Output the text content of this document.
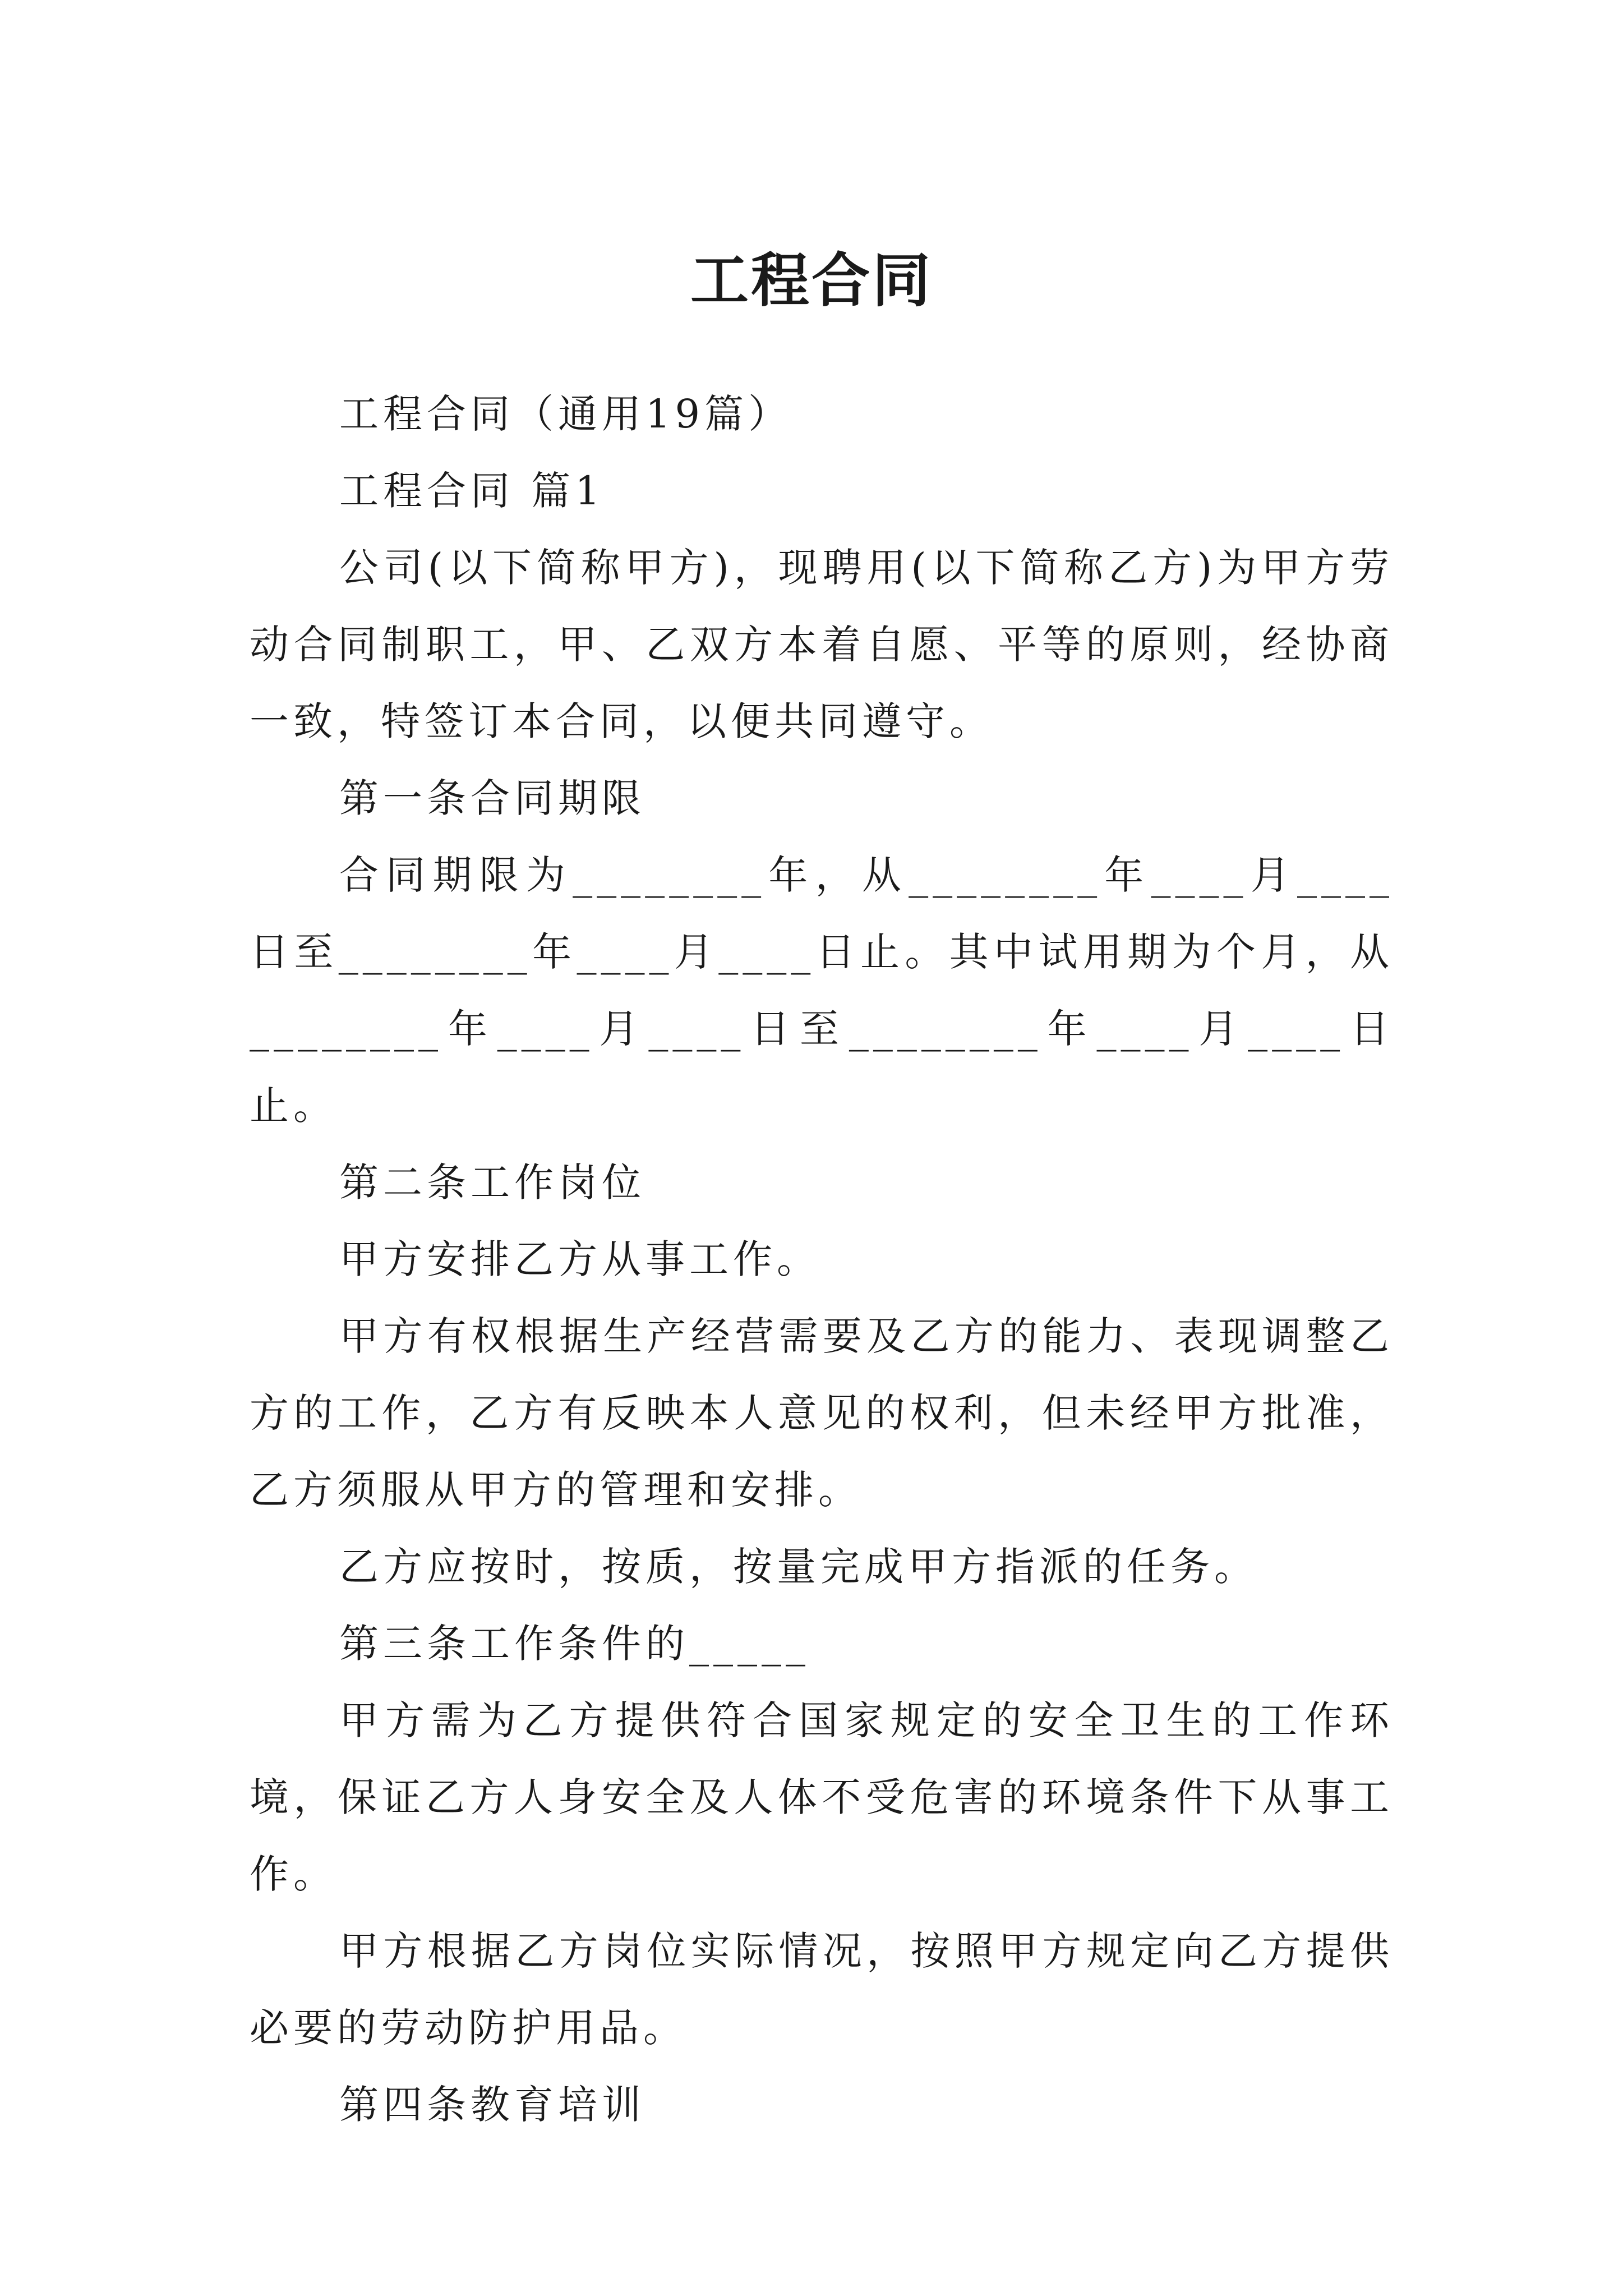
工程合同

工程合同（通用19篇）

工程合同 篇1

公司(以下简称甲方)，现聘用(以下简称乙方)为甲方劳动合同制职工，甲、乙双方本着自愿、平等的原则，经协商一致，特签订本合同，以便共同遵守。

第一条合同期限

合同期限为________年，从________年____月____日至________年____月____日止。其中试用期为个月，从________年____月____日至________年____月____日止。

第二条工作岗位

甲方安排乙方从事工作。

甲方有权根据生产经营需要及乙方的能力、表现调整乙方的工作，乙方有反映本人意见的权利，但未经甲方批准，乙方须服从甲方的管理和安排。

乙方应按时，按质，按量完成甲方指派的任务。

第三条工作条件的_____

甲方需为乙方提供符合国家规定的安全卫生的工作环境，保证乙方人身安全及人体不受危害的环境条件下从事工作。

甲方根据乙方岗位实际情况，按照甲方规定向乙方提供必要的劳动防护用品。

第四条教育培训
